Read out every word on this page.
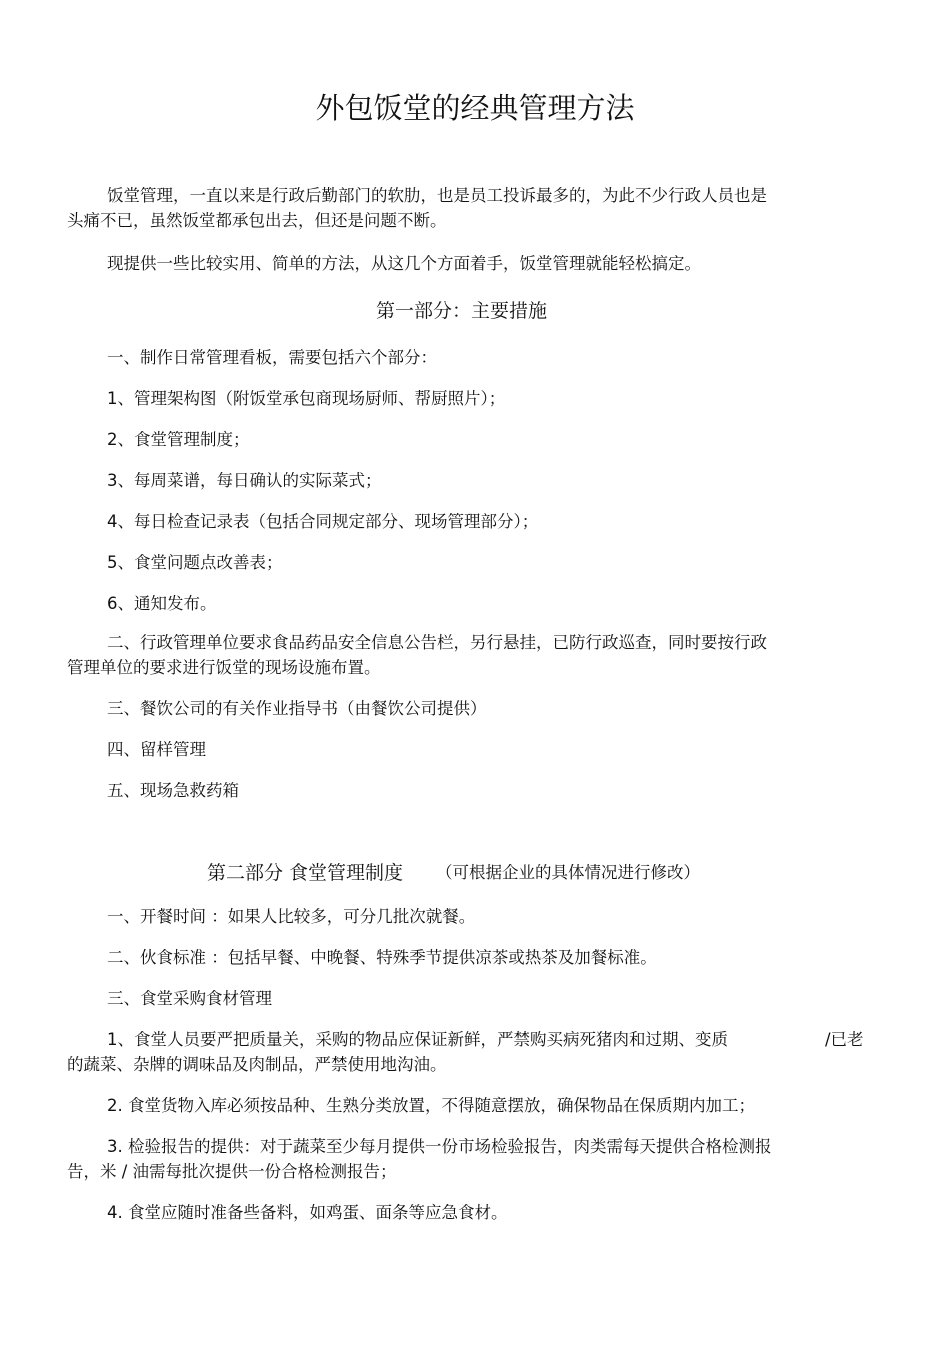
外包饭堂的经典管理方法
饭堂管理，一直以来是行政后勤部门的软肋，也是员工投诉最多的，为此不少行政人员也是
头痛不已，虽然饭堂都承包出去，但还是问题不断。
现提供一些比较实用、简单的方法，从这几个方面着手，饭堂管理就能轻松搞定。
第一部分：主要措施
一、制作日常管理看板，需要包括六个部分：
1、管理架构图（附饭堂承包商现场厨师、帮厨照片）；
2、食堂管理制度；
3、每周菜谱，每日确认的实际菜式；
4、每日检查记录表（包括合同规定部分、现场管理部分）；
5、食堂问题点改善表；
6、通知发布。
二、行政管理单位要求食品药品安全信息公告栏，另行悬挂，已防行政巡查，同时要按行政
管理单位的要求进行饭堂的现场设施布置。
三、餐饮公司的有关作业指导书（由餐饮公司提供）
四、留样管理
五、现场急救药箱
第二部分 食堂管理制度 （可根据企业的具体情况进行修改）
一、开餐时间 ：如果人比较多，可分几批次就餐。
二、伙食标准 ：包括早餐、中晚餐、特殊季节提供凉茶或热茶及加餐标准。
三、食堂采购食材管理
1、食堂人员要严把质量关，采购的物品应保证新鲜，严禁购买病死猪肉和过期、变质	/已老
的蔬菜、杂牌的调味品及肉制品，严禁使用地沟油。
2. 食堂货物入库必须按品种、生熟分类放置，不得随意摆放，确保物品在保质期内加工；
3. 检验报告的提供：对于蔬菜至少每月提供一份市场检验报告，肉类需每天提供合格检测报
告，米 / 油需每批次提供一份合格检测报告；
4. 食堂应随时准备些备料，如鸡蛋、面条等应急食材。
